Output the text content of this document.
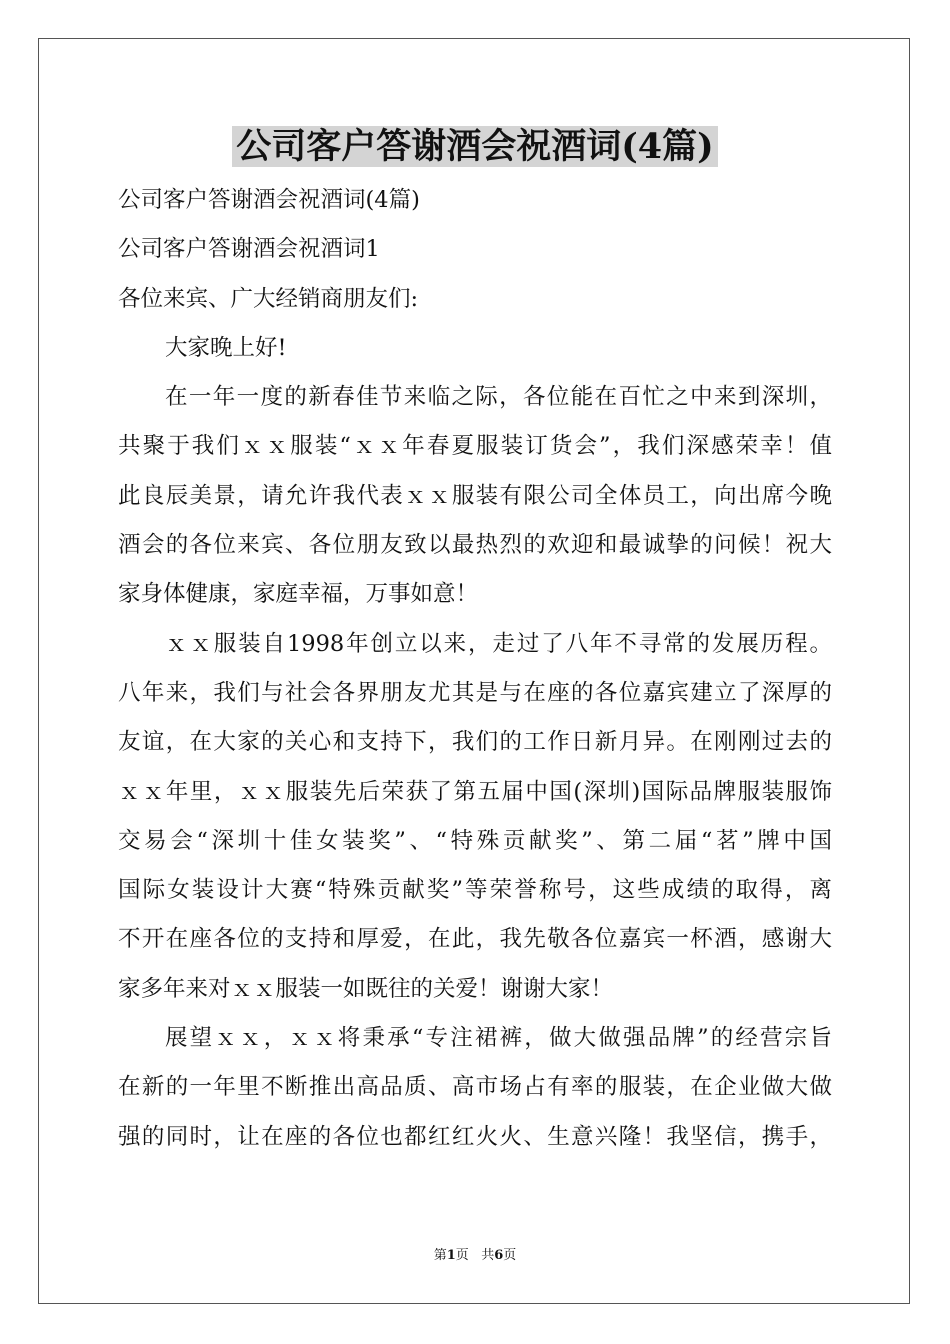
公司客户答谢酒会祝酒词(4篇)
公司客户答谢酒会祝酒词(4篇)
公司客户答谢酒会祝酒词1
各位来宾、广大经销商朋友们:
大家晚上好!
在一年一度的新春佳节来临之际，各位能在百忙之中来到深圳，
共聚于我们ｘｘ服装“ｘｘ年春夏服装订货会”，我们深感荣幸！值
此良辰美景，请允许我代表ｘｘ服装有限公司全体员工，向出席今晚
酒会的各位来宾、各位朋友致以最热烈的欢迎和最诚挚的问候！祝大
家身体健康，家庭幸福，万事如意！
ｘｘ服装自1998年创立以来，走过了八年不寻常的发展历程。
八年来，我们与社会各界朋友尤其是与在座的各位嘉宾建立了深厚的
友谊，在大家的关心和支持下，我们的工作日新月异。在刚刚过去的
ｘｘ年里，ｘｘ服装先后荣获了第五届中国(深圳)国际品牌服装服饰
交易会“深圳十佳女装奖”、“特殊贡献奖”、第二届“茗”牌中国
国际女装设计大赛“特殊贡献奖”等荣誉称号，这些成绩的取得，离
不开在座各位的支持和厚爱，在此，我先敬各位嘉宾一杯酒，感谢大
家多年来对ｘｘ服装一如既往的关爱！谢谢大家！
展望ｘｘ，ｘｘ将秉承“专注裙裤，做大做强品牌”的经营宗旨
在新的一年里不断推出高品质、高市场占有率的服装，在企业做大做
强的同时，让在座的各位也都红红火火、生意兴隆！我坚信，携手，
第1页 共6页
